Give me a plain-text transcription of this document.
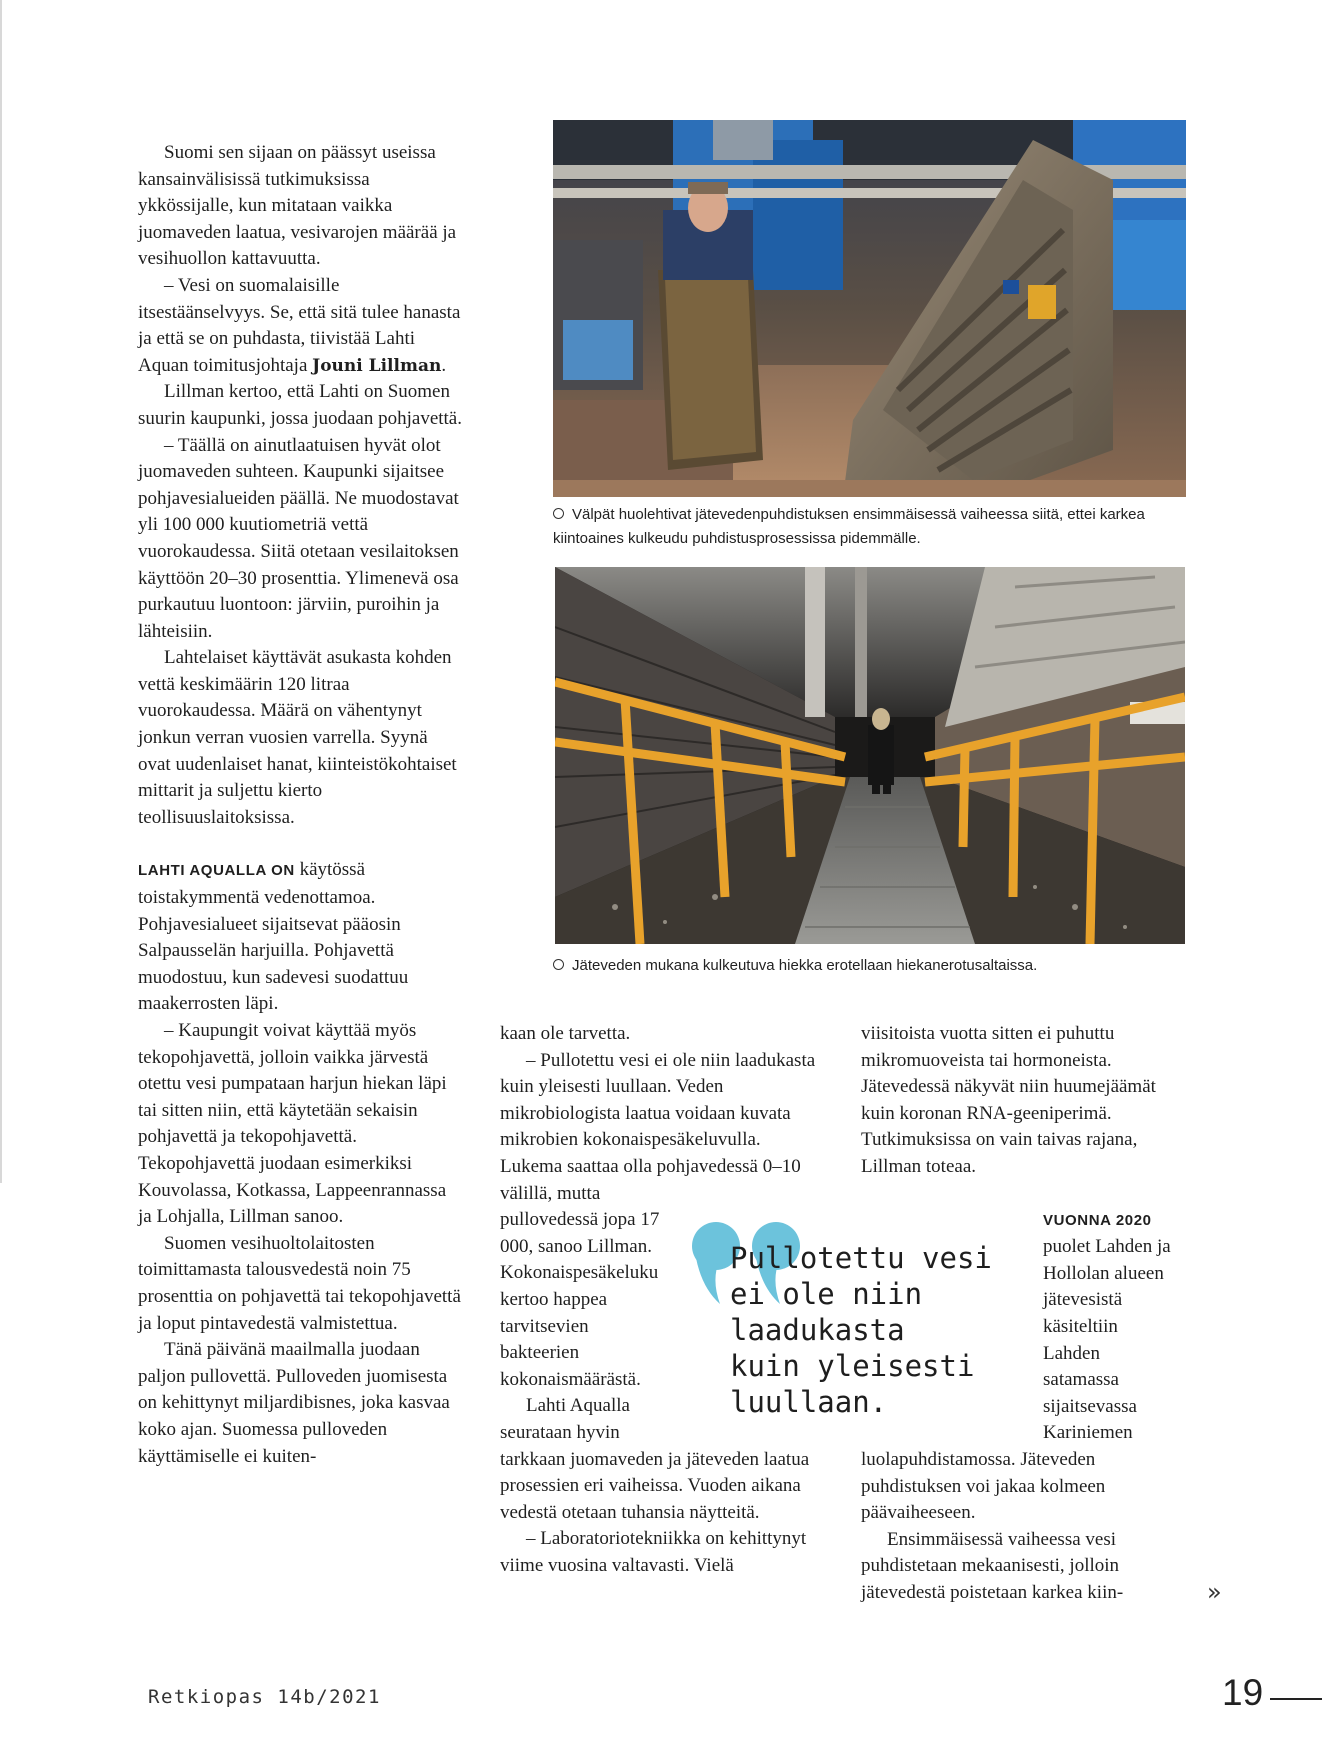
Suomi sen sijaan on päässyt useissa kansainvälisissä tutkimuksissa ykkössijalle, kun mitataan vaikka juomaveden laatua, vesivarojen määrää ja vesihuollon kattavuutta.

– Vesi on suomalaisille itsestäänselvyys. Se, että sitä tulee hanasta ja että se on puhdasta, tiivistää Lahti Aquan toimitusjohtaja Jouni Lillman.

Lillman kertoo, että Lahti on Suomen suurin kaupunki, jossa juodaan pohjavettä.

– Täällä on ainutlaatuisen hyvät olot juomaveden suhteen. Kaupunki sijaitsee pohjavesialueiden päällä. Ne muodostavat yli 100 000 kuutiometriä vettä vuorokaudessa. Siitä otetaan vesilaitoksen käyttöön 20–30 prosenttia. Ylimenevä osa purkautuu luontoon: järviin, puroihin ja lähteisiin.

Lahtelaiset käyttävät asukasta kohden vettä keskimäärin 120 litraa vuorokaudessa. Määrä on vähentynyt jonkun verran vuosien varrella. Syynä ovat uudenlaiset hanat, kiinteistökohtaiset mittarit ja suljettu kierto teollisuuslaitoksissa.

LAHTI AQUALLA ON käytössä toistakymmentä vedenottamoa. Pohjavesialueet sijaitsevat pääosin Salpausselän harjuilla. Pohjavettä muodostuu, kun sadevesi suodattuu maakerrosten läpi.

– Kaupungit voivat käyttää myös tekopohjavettä, jolloin vaikka järvestä otettu vesi pumpataan harjun hiekan läpi tai sitten niin, että käytetään sekaisin pohjavettä ja tekopohjavettä. Tekopohjavettä juodaan esimerkiksi Kouvolassa, Kotkassa, Lappeenrannassa ja Lohjalla, Lillman sanoo.

Suomen vesihuoltolaitosten toimittamasta talousvedestä noin 75 prosenttia on pohjavettä tai tekopohjavettä ja loput pintavedestä valmistettua.

Tänä päivänä maailmalla juodaan paljon pullovettä. Pulloveden juomisesta on kehittynyt miljardibisnes, joka kasvaa koko ajan. Suomessa pulloveden käyttämiselle ei kuiten-

Välpät huolehtivat jätevedenpuhdistuksen ensimmäisessä vaiheessa siitä, ettei karkea kiintoaines kulkeudu puhdistusprosessissa pidemmälle.
Jäteveden mukana kulkeutuva hiekka erotellaan hiekanerotusaltaissa.

kaan ole tarvetta.

– Pullotettu vesi ei ole niin laadukasta kuin yleisesti luullaan. Veden mikrobiologista laatua voidaan kuvata mikrobien kokonaispesäkeluvulla. Lukema saattaa olla pohjavedessä 0–10 välillä, mutta

pullovedessä jopa 17 000, sanoo Lillman. Kokonaispesäkeluku kertoo happea tarvitsevien bakteerien kokonaismäärästä.

Lahti Aqualla seurataan hyvin

tarkkaan juomaveden ja jäteveden laatua prosessien eri vaiheissa. Vuoden aikana vedestä otetaan tuhansia näytteitä.

– Laboratoriotekniikka on kehittynyt viime vuosina valtavasti. Vielä

viisitoista vuotta sitten ei puhuttu mikromuoveista tai hormoneista. Jätevedessä näkyvät niin huumejäämät kuin koronan RNA-geeniperimä. Tutkimuksissa on vain taivas rajana, Lillman toteaa.

VUONNA 2020
puolet Lahden ja Hollolan alueen jätevesistä käsiteltiin Lahden satamassa sijaitsevassa Kariniemen

luolapuhdistamossa. Jäteveden puhdistuksen voi jakaa kolmeen päävaiheeseen.

Ensimmäisessä vaiheessa vesi puhdistetaan mekaanisesti, jolloin jätevedestä poistetaan karkea kiin-

Pullotettu vesi
ei ole niin
laadukasta
kuin yleisesti
luullaan.
»
Retkiopas 14b/2021	19
